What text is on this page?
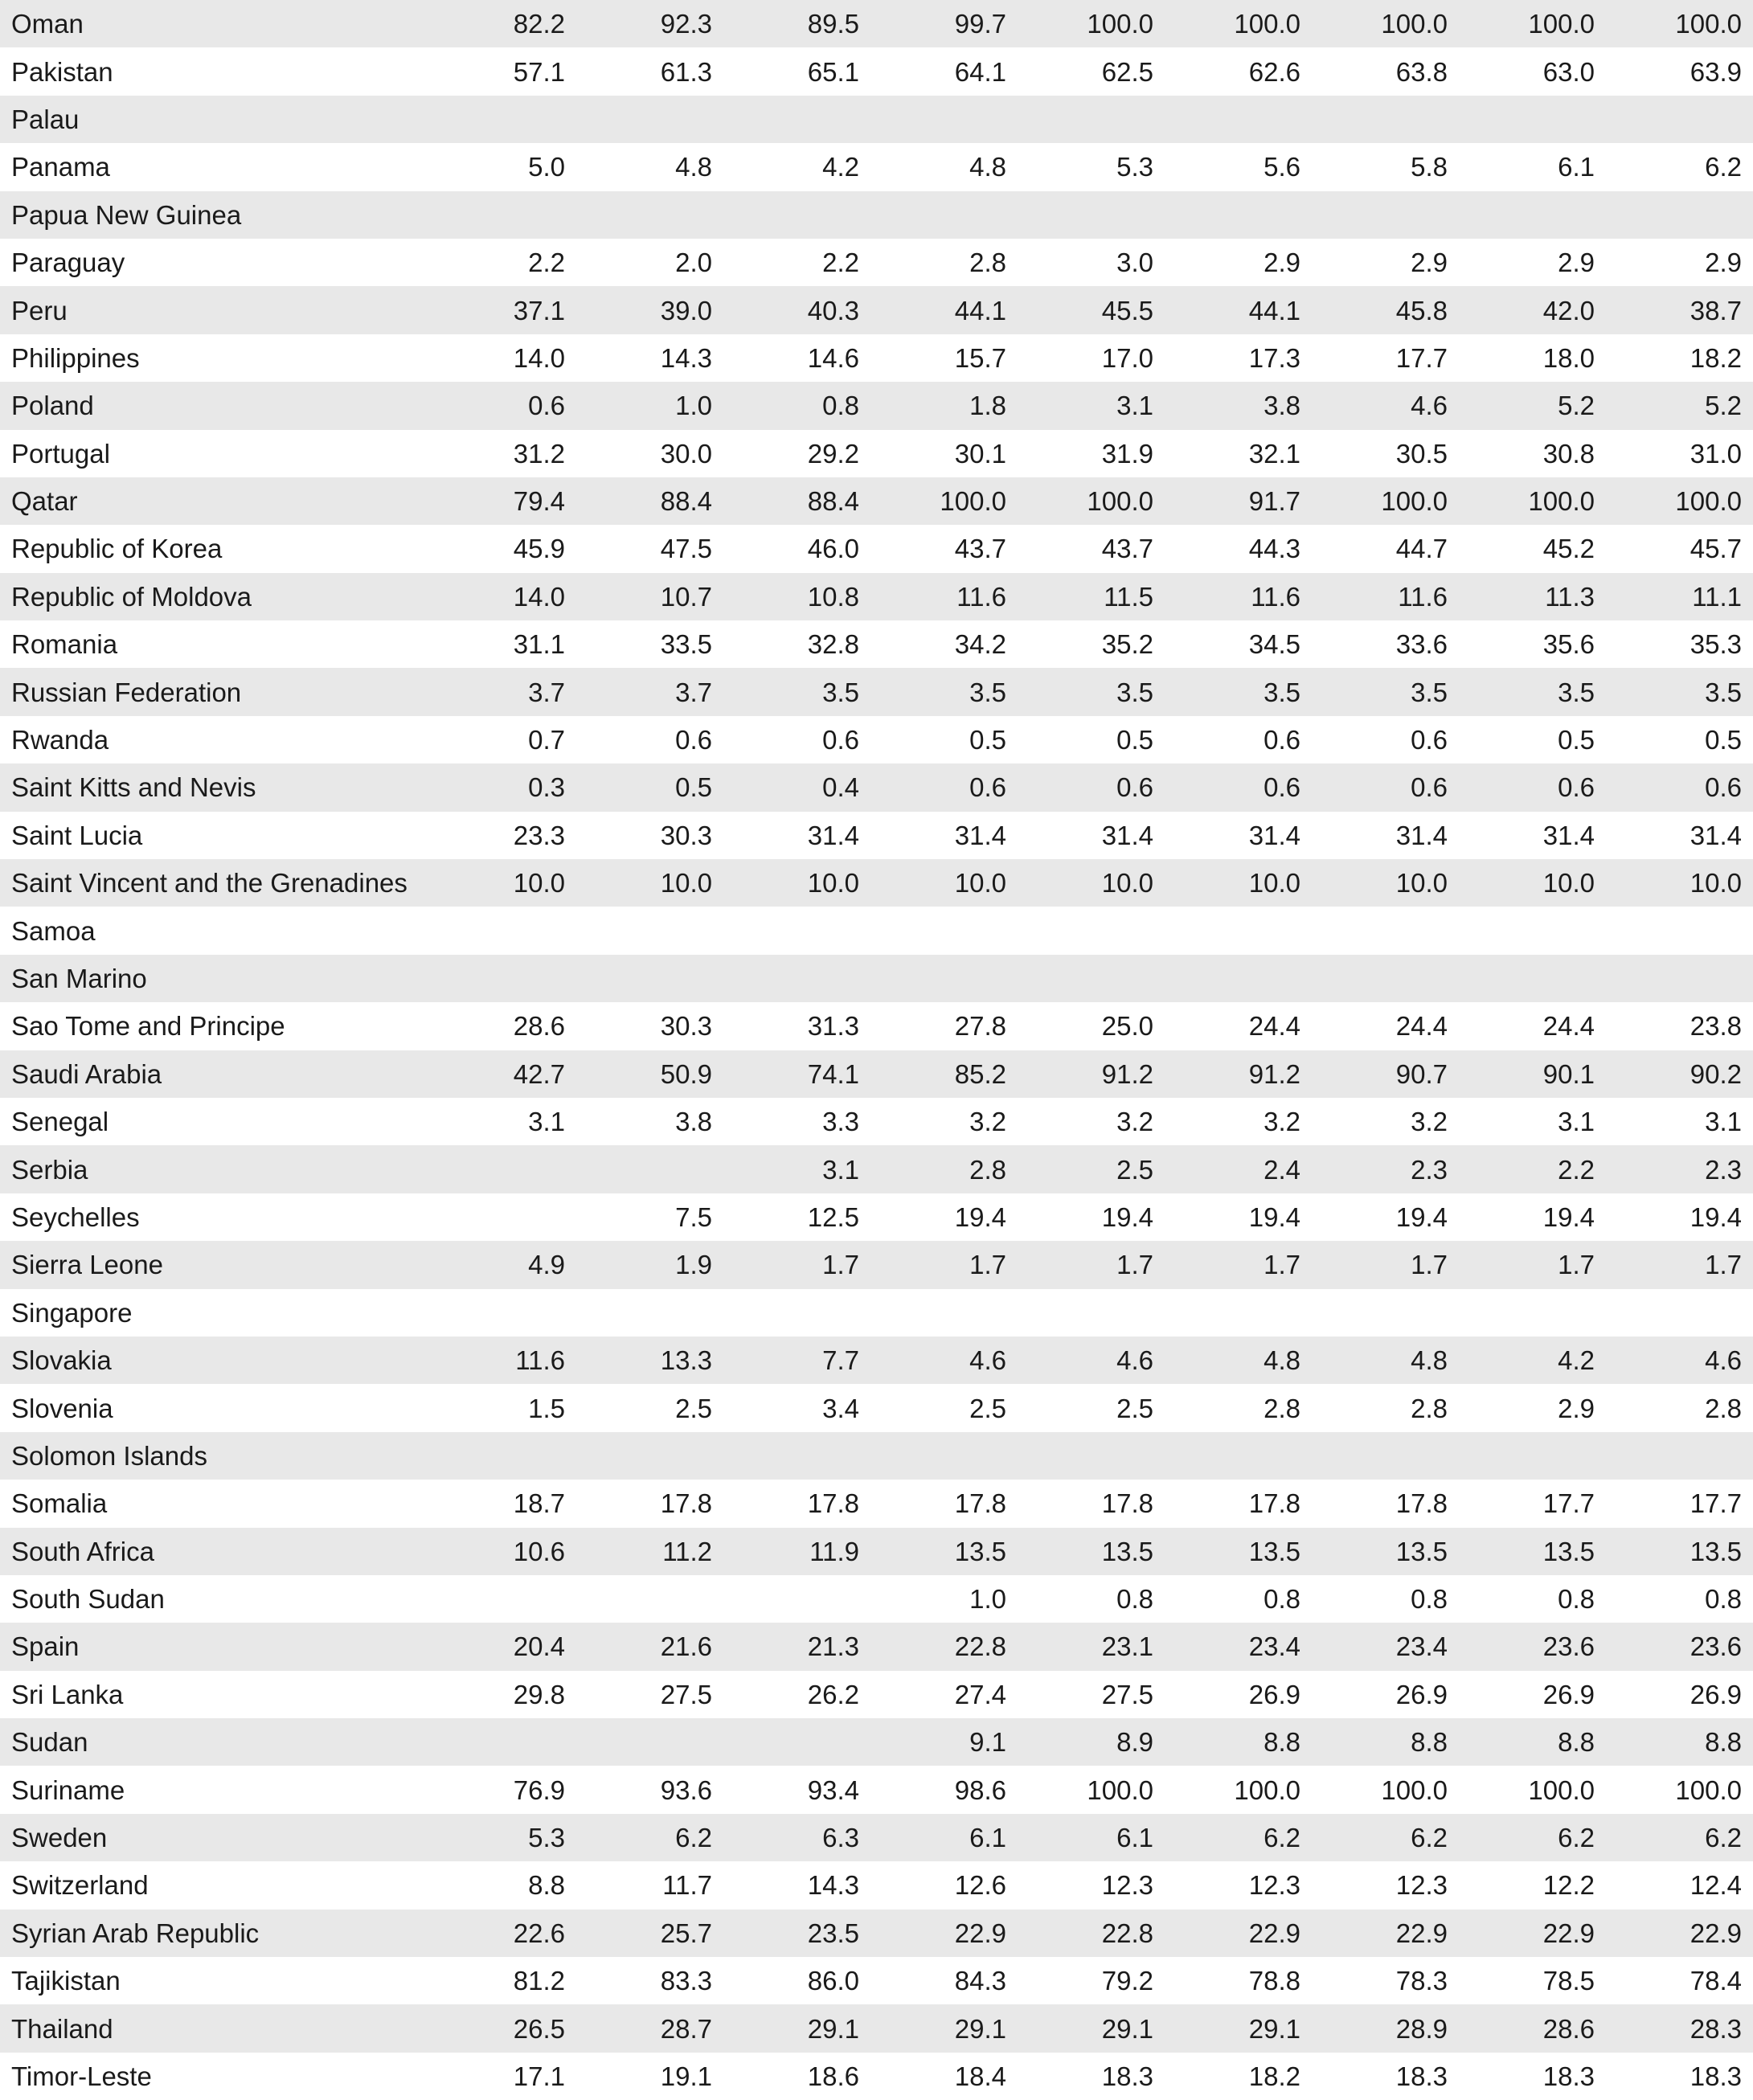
Oman	82.2	92.3	89.5	99.7	100.0	100.0	100.0	100.0	100.0
Pakistan	57.1	61.3	65.1	64.1	62.5	62.6	63.8	63.0	63.9
Palau									
Panama	5.0	4.8	4.2	4.8	5.3	5.6	5.8	6.1	6.2
Papua New Guinea									
Paraguay	2.2	2.0	2.2	2.8	3.0	2.9	2.9	2.9	2.9
Peru	37.1	39.0	40.3	44.1	45.5	44.1	45.8	42.0	38.7
Philippines	14.0	14.3	14.6	15.7	17.0	17.3	17.7	18.0	18.2
Poland	0.6	1.0	0.8	1.8	3.1	3.8	4.6	5.2	5.2
Portugal	31.2	30.0	29.2	30.1	31.9	32.1	30.5	30.8	31.0
Qatar	79.4	88.4	88.4	100.0	100.0	91.7	100.0	100.0	100.0
Republic of Korea	45.9	47.5	46.0	43.7	43.7	44.3	44.7	45.2	45.7
Republic of Moldova	14.0	10.7	10.8	11.6	11.5	11.6	11.6	11.3	11.1
Romania	31.1	33.5	32.8	34.2	35.2	34.5	33.6	35.6	35.3
Russian Federation	3.7	3.7	3.5	3.5	3.5	3.5	3.5	3.5	3.5
Rwanda	0.7	0.6	0.6	0.5	0.5	0.6	0.6	0.5	0.5
Saint Kitts and Nevis	0.3	0.5	0.4	0.6	0.6	0.6	0.6	0.6	0.6
Saint Lucia	23.3	30.3	31.4	31.4	31.4	31.4	31.4	31.4	31.4
Saint Vincent and the Grenadines	10.0	10.0	10.0	10.0	10.0	10.0	10.0	10.0	10.0
Samoa									
San Marino									
Sao Tome and Principe	28.6	30.3	31.3	27.8	25.0	24.4	24.4	24.4	23.8
Saudi Arabia	42.7	50.9	74.1	85.2	91.2	91.2	90.7	90.1	90.2
Senegal	3.1	3.8	3.3	3.2	3.2	3.2	3.2	3.1	3.1
Serbia			3.1	2.8	2.5	2.4	2.3	2.2	2.3
Seychelles		7.5	12.5	19.4	19.4	19.4	19.4	19.4	19.4
Sierra Leone	4.9	1.9	1.7	1.7	1.7	1.7	1.7	1.7	1.7
Singapore									
Slovakia	11.6	13.3	7.7	4.6	4.6	4.8	4.8	4.2	4.6
Slovenia	1.5	2.5	3.4	2.5	2.5	2.8	2.8	2.9	2.8
Solomon Islands									
Somalia	18.7	17.8	17.8	17.8	17.8	17.8	17.8	17.7	17.7
South Africa	10.6	11.2	11.9	13.5	13.5	13.5	13.5	13.5	13.5
South Sudan				1.0	0.8	0.8	0.8	0.8	0.8
Spain	20.4	21.6	21.3	22.8	23.1	23.4	23.4	23.6	23.6
Sri Lanka	29.8	27.5	26.2	27.4	27.5	26.9	26.9	26.9	26.9
Sudan				9.1	8.9	8.8	8.8	8.8	8.8
Suriname	76.9	93.6	93.4	98.6	100.0	100.0	100.0	100.0	100.0
Sweden	5.3	6.2	6.3	6.1	6.1	6.2	6.2	6.2	6.2
Switzerland	8.8	11.7	14.3	12.6	12.3	12.3	12.3	12.2	12.4
Syrian Arab Republic	22.6	25.7	23.5	22.9	22.8	22.9	22.9	22.9	22.9
Tajikistan	81.2	83.3	86.0	84.3	79.2	78.8	78.3	78.5	78.4
Thailand	26.5	28.7	29.1	29.1	29.1	29.1	28.9	28.6	28.3
Timor-Leste	17.1	19.1	18.6	18.4	18.3	18.2	18.3	18.3	18.3
